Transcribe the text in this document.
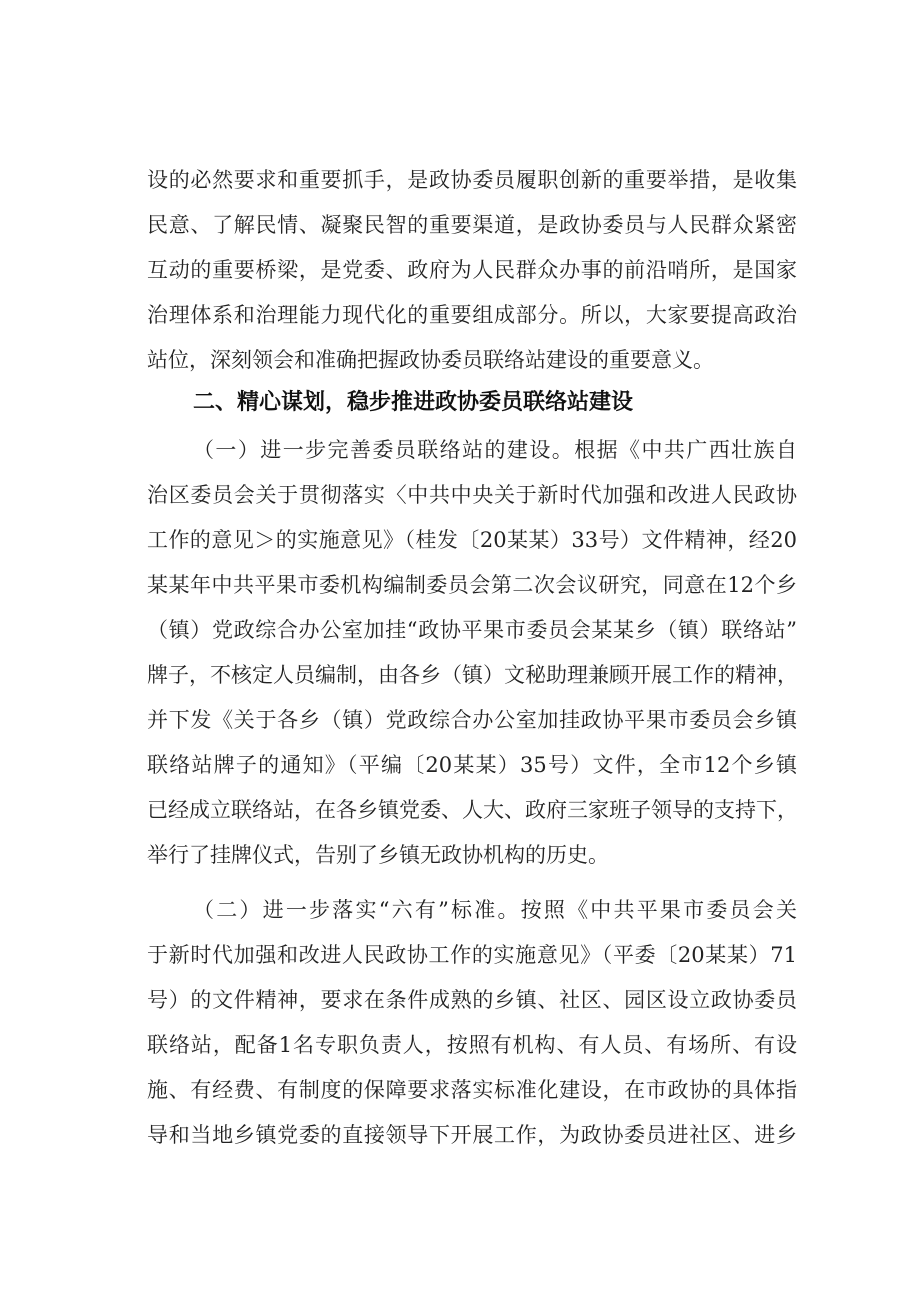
设的必然要求和重要抓手，是政协委员履职创新的重要举措，是收集

民意、了解民情、凝聚民智的重要渠道，是政协委员与人民群众紧密

互动的重要桥梁，是党委、政府为人民群众办事的前沿哨所，是国家

治理体系和治理能力现代化的重要组成部分。所以，大家要提高政治

站位，深刻领会和准确把握政协委员联络站建设的重要意义。

二、精心谋划，稳步推进政协委员联络站建设

（一）进一步完善委员联络站的建设。根据《中共广西壮族自

治区委员会关于贯彻落实〈中共中央关于新时代加强和改进人民政协

工作的意见＞的实施意见》（桂发〔20某某）33号）文件精神，经20

某某年中共平果市委机构编制委员会第二次会议研究，同意在12个乡

（镇）党政综合办公室加挂“政协平果市委员会某某乡（镇）联络站”

牌子，不核定人员编制，由各乡（镇）文秘助理兼顾开展工作的精神，

并下发《关于各乡（镇）党政综合办公室加挂政协平果市委员会乡镇

联络站牌子的通知》（平编〔20某某）35号）文件，全市12个乡镇

已经成立联络站，在各乡镇党委、人大、政府三家班子领导的支持下，

举行了挂牌仪式，告别了乡镇无政协机构的历史。

（二）进一步落实“六有”标准。按照《中共平果市委员会关

于新时代加强和改进人民政协工作的实施意见》（平委〔20某某）71

号）的文件精神，要求在条件成熟的乡镇、社区、园区设立政协委员

联络站，配备1名专职负责人，按照有机构、有人员、有场所、有设

施、有经费、有制度的保障要求落实标准化建设，在市政协的具体指

导和当地乡镇党委的直接领导下开展工作，为政协委员进社区、进乡
